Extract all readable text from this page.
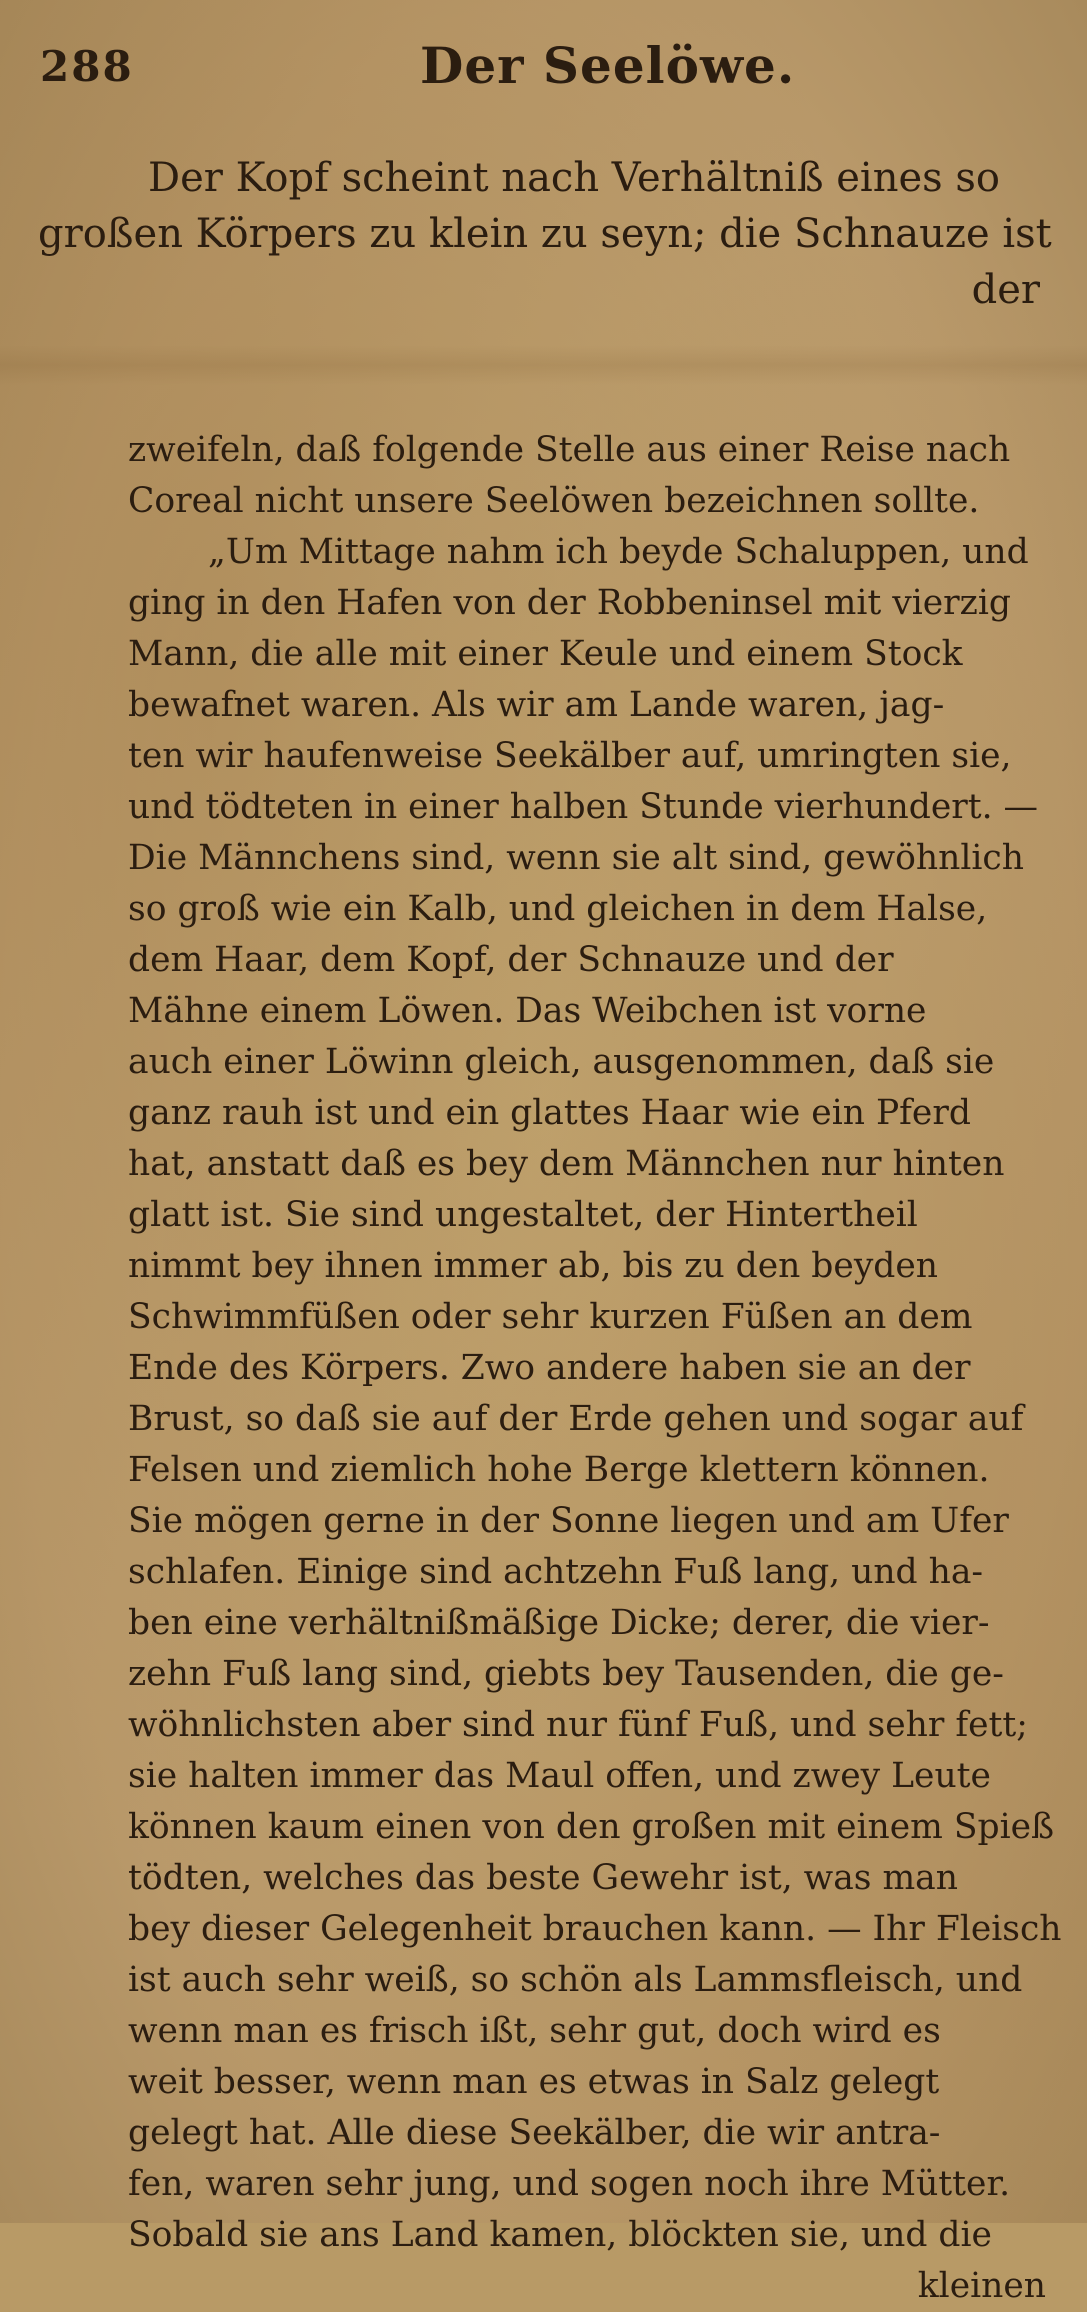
288	Der Seelöwe.
Der Kopf scheint nach Verhältniß eines so
großen Körpers zu klein zu seyn; die Schnauze ist
der
zweifeln, daß folgende Stelle aus einer Reise nach
Coreal nicht unsere Seelöwen bezeichnen sollte.
„Um Mittage nahm ich beyde Schaluppen, und
ging in den Hafen von der Robbeninsel mit vierzig
Mann, die alle mit einer Keule und einem Stock
bewafnet waren. Als wir am Lande waren, jag-
ten wir haufenweise Seekälber auf, umringten sie,
und tödteten in einer halben Stunde vierhundert. —
Die Männchens sind, wenn sie alt sind, gewöhnlich
so groß wie ein Kalb, und gleichen in dem Halse,
dem Haar, dem Kopf, der Schnauze und der
Mähne einem Löwen. Das Weibchen ist vorne
auch einer Löwinn gleich, ausgenommen, daß sie
ganz rauh ist und ein glattes Haar wie ein Pferd
hat, anstatt daß es bey dem Männchen nur hinten
glatt ist. Sie sind ungestaltet, der Hintertheil
nimmt bey ihnen immer ab, bis zu den beyden
Schwimmfüßen oder sehr kurzen Füßen an dem
Ende des Körpers. Zwo andere haben sie an der
Brust, so daß sie auf der Erde gehen und sogar auf
Felsen und ziemlich hohe Berge klettern können.
Sie mögen gerne in der Sonne liegen und am Ufer
schlafen. Einige sind achtzehn Fuß lang, und ha-
ben eine verhältnißmäßige Dicke; derer, die vier-
zehn Fuß lang sind, giebts bey Tausenden, die ge-
wöhnlichsten aber sind nur fünf Fuß, und sehr fett;
sie halten immer das Maul offen, und zwey Leute
können kaum einen von den großen mit einem Spieß
tödten, welches das beste Gewehr ist, was man
bey dieser Gelegenheit brauchen kann. — Ihr Fleisch
ist auch sehr weiß, so schön als Lammsfleisch, und
wenn man es frisch ißt, sehr gut, doch wird es
weit besser, wenn man es etwas in Salz gelegt
gelegt hat. Alle diese Seekälber, die wir antra-
fen, waren sehr jung, und sogen noch ihre Mütter.
Sobald sie ans Land kamen, blöckten sie, und die
kleinen
